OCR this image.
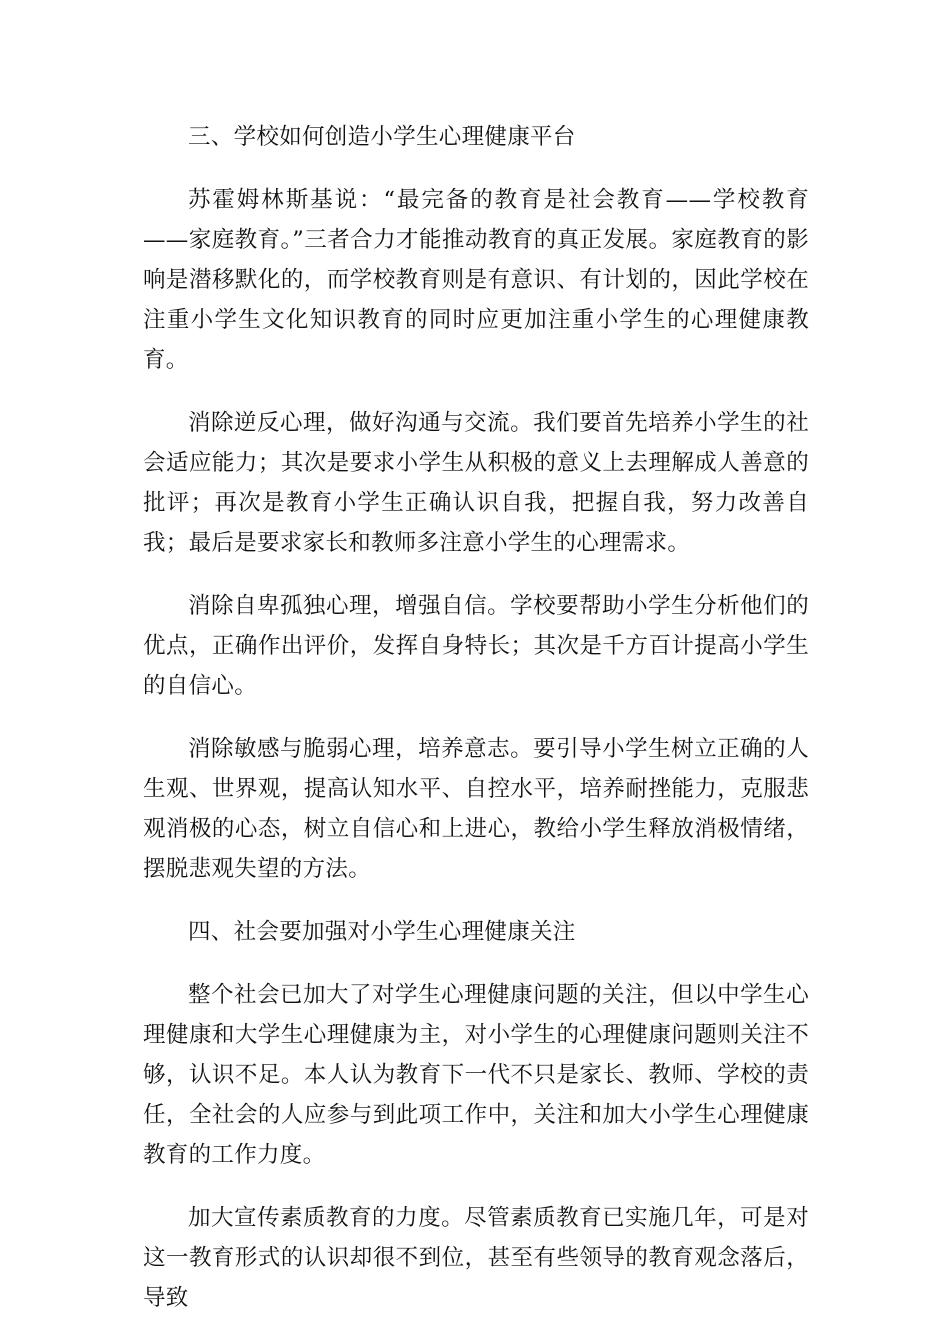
三、学校如何创造小学生心理健康平台

苏霍姆林斯基说：“最完备的教育是社会教育——学校教育——家庭教育。”三者合力才能推动教育的真正发展。家庭教育的影响是潜移默化的，而学校教育则是有意识、有计划的，因此学校在注重小学生文化知识教育的同时应更加注重小学生的心理健康教育。

消除逆反心理，做好沟通与交流。我们要首先培养小学生的社会适应能力；其次是要求小学生从积极的意义上去理解成人善意的批评；再次是教育小学生正确认识自我，把握自我，努力改善自我；最后是要求家长和教师多注意小学生的心理需求。

消除自卑孤独心理，增强自信。学校要帮助小学生分析他们的优点，正确作出评价，发挥自身特长；其次是千方百计提高小学生的自信心。

消除敏感与脆弱心理，培养意志。要引导小学生树立正确的人生观、世界观，提高认知水平、自控水平，培养耐挫能力，克服悲观消极的心态，树立自信心和上进心，教给小学生释放消极情绪，摆脱悲观失望的方法。

四、社会要加强对小学生心理健康关注

整个社会已加大了对学生心理健康问题的关注，但以中学生心理健康和大学生心理健康为主，对小学生的心理健康问题则关注不够，认识不足。本人认为教育下一代不只是家长、教师、学校的责任，全社会的人应参与到此项工作中，关注和加大小学生心理健康教育的工作力度。

加大宣传素质教育的力度。尽管素质教育已实施几年，可是对这一教育形式的认识却很不到位，甚至有些领导的教育观念落后，导致
